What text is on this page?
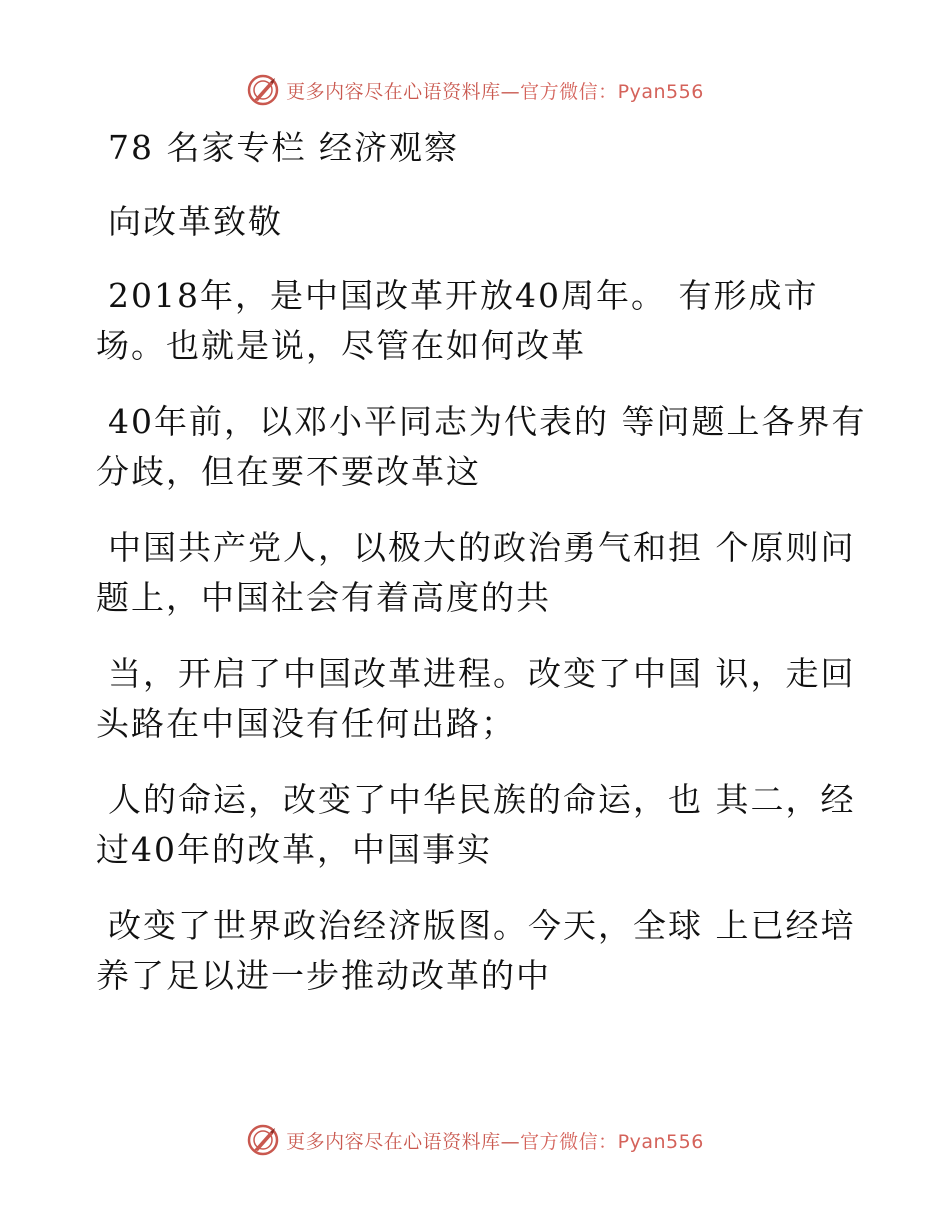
更多内容尽在心语资料库—官方微信：Pyan556
78 名家专栏 经济观察
向改革致敬
2018年，是中国改革开放40周年。 有形成市
场。也就是说，尽管在如何改革
40年前，以邓小平同志为代表的 等问题上各界有
分歧，但在要不要改革这
中国共产党人，以极大的政治勇气和担 个原则问
题上，中国社会有着高度的共
当，开启了中国改革进程。改变了中国 识，走回
头路在中国没有任何出路；
人的命运，改变了中华民族的命运，也 其二，经
过40年的改革，中国事实
改变了世界政治经济版图。今天，全球 上已经培
养了足以进一步推动改革的中
更多内容尽在心语资料库—官方微信：Pyan556
